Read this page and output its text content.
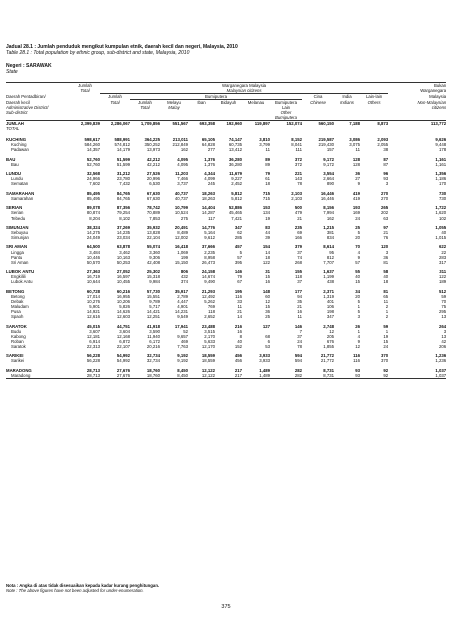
Jadual 28.1 : Jumlah penduduk mengikut kumpulan etnik, daerah kecil dan negeri, Malaysia, 2010
Table 28.1 : Total population by ethnic group, sub-district and state, Malaysia, 2010
Negeri : SARAWAK
State
	Jumlah	Warganegara Malaysia										Bukan
	Total	Malaysian citizens										Warganegara
Daerah Pentadbiran/		Jumlah	Bumiputera						Cina	India	Lain-lain	Malaysia
Daerah kecil		Total	Jumlah	Melayu	Iban	Bidayuh	Melanau	Bumiputera	Chinese	Indians	Others	Non-Malaysian
Administrative District/			Total	Malay				Lain				citizens
Sub-district								Other				
								Bumiputera				
JUMLAH	2,399,839	2,286,067	1,709,856	551,567	693,358	192,960	119,897	152,074	560,150	7,188	8,873	113,772
TOTAL												
KUCHING	598,617	588,991	364,225	213,011	65,105	74,147	3,810	8,152	219,587	3,086	2,093	9,626
Kuching	584,260	574,812	350,252	212,849	64,828	60,735	3,799	8,041	219,430	3,075	2,055	9,448
Padawan	14,357	14,179	13,973	162	277	13,412	11	111	157	11	38	178
BAU	52,760	51,599	42,212	4,095	1,376	36,280	89	372	9,172	128	87	1,161
Bau	52,760	51,599	42,212	4,095	1,376	36,280	89	372	9,172	128	87	1,161
LUNDU	32,568	31,212	27,526	11,203	4,344	11,679	79	221	3,554	36	96	1,356
Lundu	24,966	23,780	20,996	7,466	4,099	9,227	61	143	2,664	27	93	1,186
Sematan	7,602	7,432	6,530	3,737	245	2,452	18	78	890	9	3	170
SAMARAHAN	85,495	84,765	67,630	40,737	18,263	5,812	715	2,103	16,446	419	270	730
Samarahan	85,495	84,765	67,630	40,737	18,263	5,812	715	2,103	16,446	419	270	730
SERIAN	89,078	87,356	78,742	10,799	14,404	52,886	153	500	8,156	193	265	1,722
Serian	80,874	79,254	70,889	10,524	14,287	45,465	134	479	7,994	169	202	1,620
Tebedu	8,204	8,102	7,853	275	117	7,421	19	21	162	24	63	102
SIMUNJAN	38,324	37,269	35,932	20,491	14,776	347	83	235	1,215	25	97	1,055
Sebuyau	14,275	14,235	13,828	8,489	5,164	62	44	69	381	5	21	40
Simunjan	24,049	23,034	22,104	12,002	9,612	285	39	166	834	20	76	1,015
SRI AMAN	64,500	63,878	55,074	16,418	37,666	457	154	379	8,614	70	120	622
Lingga	3,484	3,462	3,360	1,069	2,235	5	14	37	95	4	3	22
Pantu	10,446	10,163	9,306	199	8,958	57	18	74	812	9	36	283
Sri Aman	50,570	50,253	42,408	15,150	26,473	395	122	268	7,707	57	81	317
LUBOK ANTU	27,363	27,052	25,302	806	24,158	146	31	155	1,637	55	58	311
Engkilili	16,719	16,597	15,318	432	14,674	79	15	118	1,199	40	40	122
Lubok Antu	10,644	10,455	9,984	374	9,490	67	16	37	438	15	18	189
BETONG	60,728	60,216	57,730	35,917	21,293	195	148	177	2,371	34	81	512
Betong	17,014	16,955	15,551	2,789	12,492	116	60	94	1,319	20	65	59
Debak	10,276	10,206	9,789	4,447	5,262	33	12	35	401	5	11	70
Maludam	5,901	5,826	5,717	4,901	769	11	15	21	106	1	2	75
Pusa	14,921	14,626	14,421	14,231	118	21	36	16	198	5	1	295
Spaoh	12,616	12,603	12,251	9,549	2,652	14	25	11	347	3	2	13
SARATOK	45,015	44,751	41,918	17,941	23,488	216	127	146	2,748	26	59	264
Budu	3,607	3,604	3,590	52	3,515	16		7	12	1	1	3
Kabong	12,181	12,168	11,940	9,657	2,170	8	68	37	205	4	19	13
Roban	6,914	6,872	6,172	469	5,633	40	6	24	676	9	15	42
Saratok	22,313	22,107	20,216	7,763	12,170	152	53	78	1,855	12	24	206
SARIKEI	56,228	54,992	32,734	9,192	18,559	456	3,933	594	21,772	116	370	1,236
Sarikei	56,228	54,992	32,734	9,192	18,559	456	3,933	594	21,772	116	370	1,236
MARADONG	28,713	27,676	18,760	8,450	12,122	217	1,489	282	8,731	93	92	1,037
Maradong	28,713	27,676	18,760	8,450	12,122	217	1,489	282	8,731	93	92	1,037
Nota : Angka di atas tidak disesuaikan kepada kadar kurang penghitungan.
Note : The above figures have not been adjusted for under-enumeration.
375
